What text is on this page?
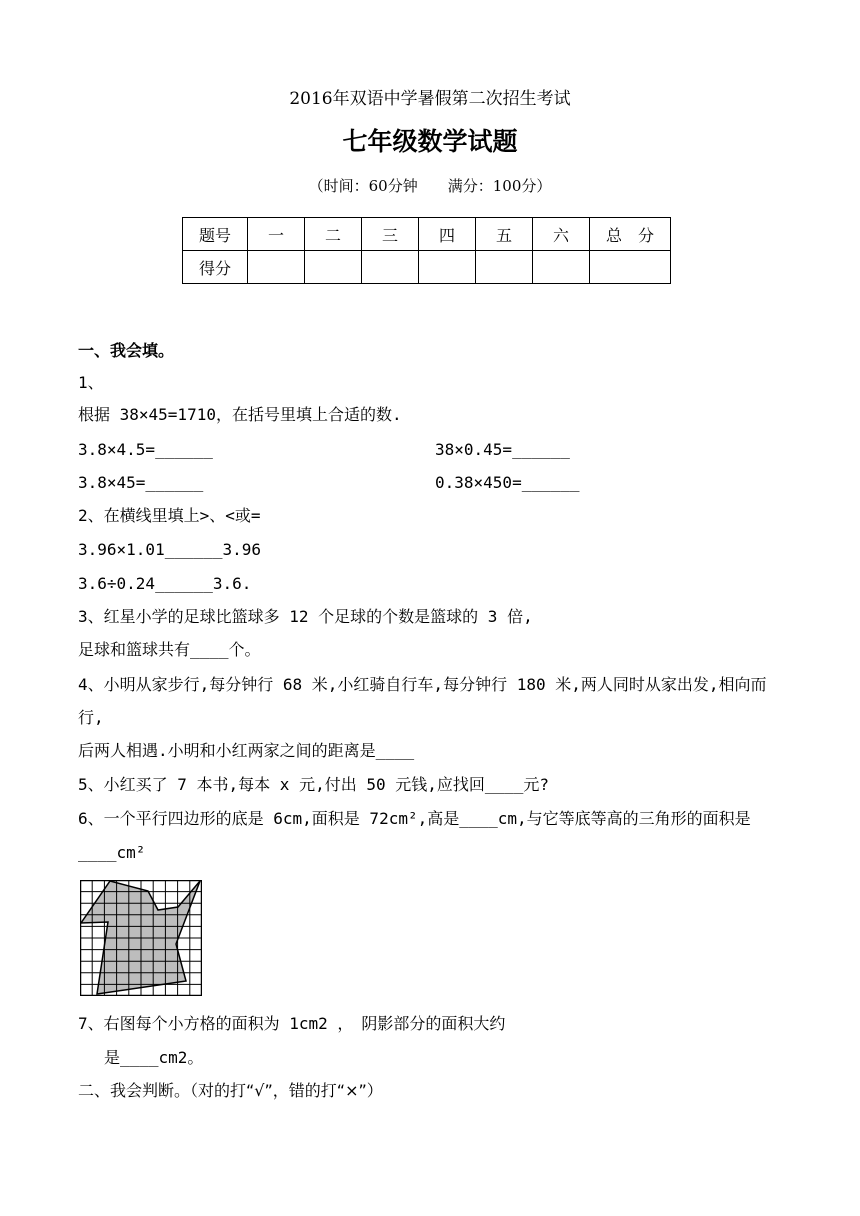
2016年双语中学暑假第二次招生考试
七年级数学试题
（时间：60分钟　　满分：100分）
题号	一	二	三	四	五	六	总　分
得分							
一、我会填。
1、
根据 38×45=1710，在括号里填上合适的数.
3.8×4.5=______	38×0.45=______
3.8×45=______	0.38×450=______
2、在横线里填上>、<或=
3.96×1.01______3.96
3.6÷0.24______3.6.
3、红星小学的足球比篮球多 12 个足球的个数是篮球的 3 倍,
足球和篮球共有____个。
4、小明从家步行,每分钟行 68 米,小红骑自行车,每分钟行 180 米,两人同时从家出发,相向而
行,
后两人相遇.小明和小红两家之间的距离是____
5、小红买了 7 本书,每本 x 元,付出 50 元钱,应找回____元?
6、一个平行四边形的底是 6cm,面积是 72cm²,高是____cm,与它等底等高的三角形的面积是
____cm²
7、右图每个小方格的面积为 1cm2 ，　阴影部分的面积大约
是____cm2。
二、我会判断。（对的打“√”，错的打“×”）
